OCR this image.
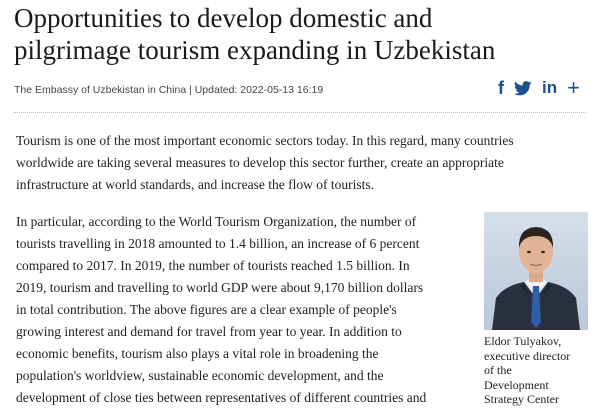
Opportunities to develop domestic and
pilgrimage tourism expanding in Uzbekistan
The Embassy of Uzbekistan in China | Updated: 2022-05-13 16:19	f in +
Tourism is one of the most important economic sectors today. In this regard, many countries
worldwide are taking several measures to develop this sector further, create an appropriate
infrastructure at world standards, and increase the flow of tourists.
In particular, according to the World Tourism Organization, the number of
tourists travelling in 2018 amounted to 1.4 billion, an increase of 6 percent
compared to 2017. In 2019, the number of tourists reached 1.5 billion. In
2019, tourism and travelling to world GDP were about 9,170 billion dollars
in total contribution. The above figures are a clear example of people's
growing interest and demand for travel from year to year. In addition to
economic benefits, tourism also plays a vital role in broadening the
population's worldview, sustainable economic development, and the
development of close ties between representatives of different countries and
Eldor Tulyakov,
executive director
of the
Development
Strategy Center
